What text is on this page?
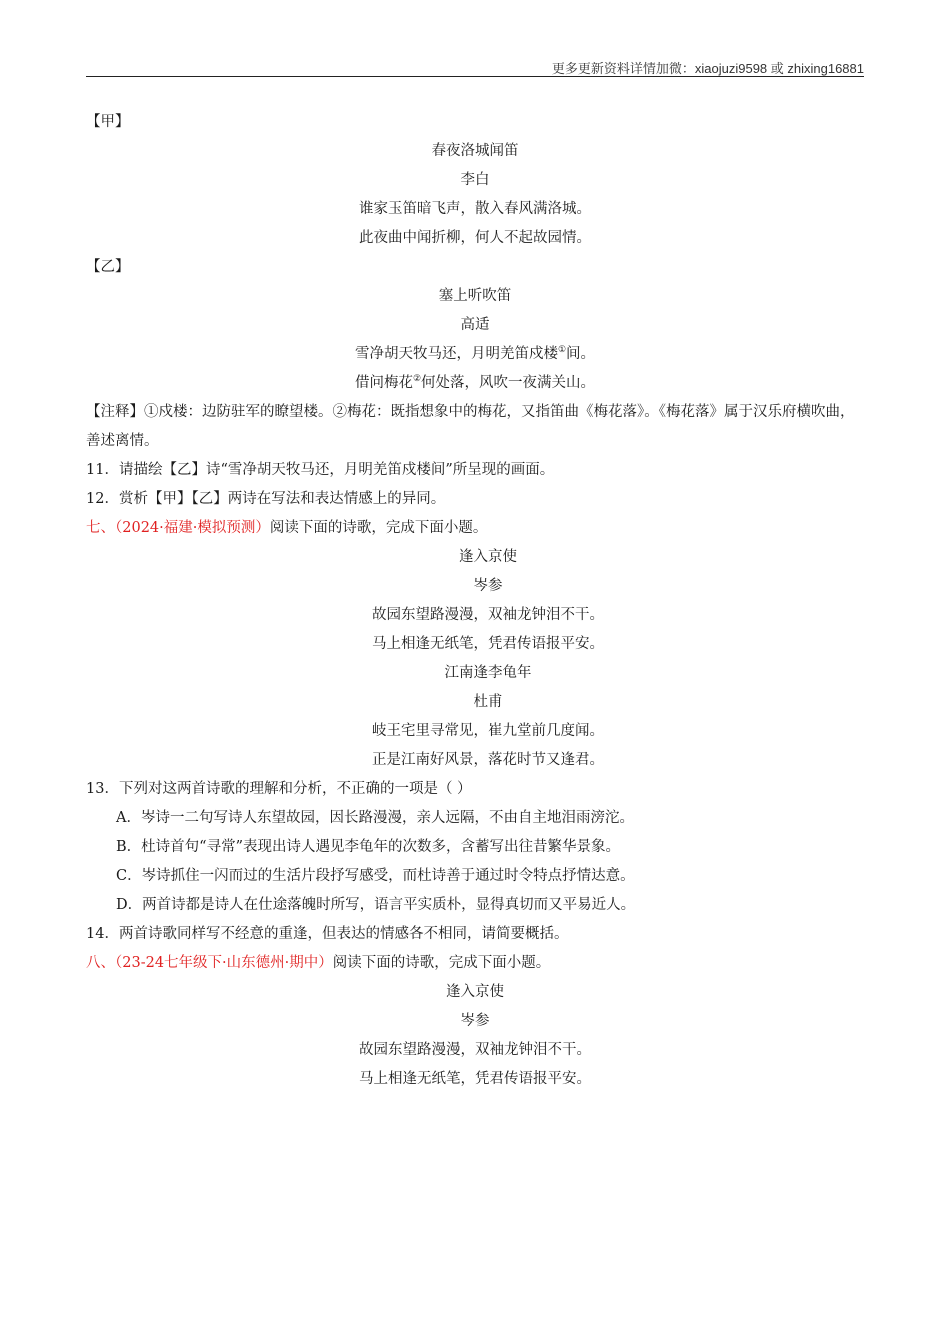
更多更新资料详情加微：xiaojuzi9598 或 zhixing16881
【甲】
春夜洛城闻笛
李白
谁家玉笛暗飞声，散入春风满洛城。
此夜曲中闻折柳，何人不起故园情。
【乙】
塞上听吹笛
高适
雪净胡天牧马还，月明羌笛戍楼①间。
借问梅花②何处落，风吹一夜满关山。
【注释】①戍楼：边防驻军的瞭望楼。②梅花：既指想象中的梅花，又指笛曲《梅花落》。《梅花落》属于汉乐府横吹曲，善述离情。
11．请描绘【乙】诗“雪净胡天牧马还，月明羌笛戍楼间”所呈现的画面。
12．赏析【甲】【乙】两诗在写法和表达情感上的异同。
七、（2024·福建·模拟预测）阅读下面的诗歌，完成下面小题。
逢入京使
岑参
故园东望路漫漫，双袖龙钟泪不干。
马上相逢无纸笔，凭君传语报平安。
江南逢李龟年
杜甫
岐王宅里寻常见，崔九堂前几度闻。
正是江南好风景，落花时节又逢君。
13．下列对这两首诗歌的理解和分析，不正确的一项是（ ）
A．岑诗一二句写诗人东望故园，因长路漫漫，亲人远隔，不由自主地泪雨滂沱。
B．杜诗首句“寻常”表现出诗人遇见李龟年的次数多，含蓄写出往昔繁华景象。
C．岑诗抓住一闪而过的生活片段抒写感受，而杜诗善于通过时令特点抒情达意。
D．两首诗都是诗人在仕途落魄时所写，语言平实质朴，显得真切而又平易近人。
14．两首诗歌同样写不经意的重逢，但表达的情感各不相同，请简要概括。
八、（23-24七年级下·山东德州·期中）阅读下面的诗歌，完成下面小题。
逢入京使
岑参
故园东望路漫漫，双袖龙钟泪不干。
马上相逢无纸笔，凭君传语报平安。
